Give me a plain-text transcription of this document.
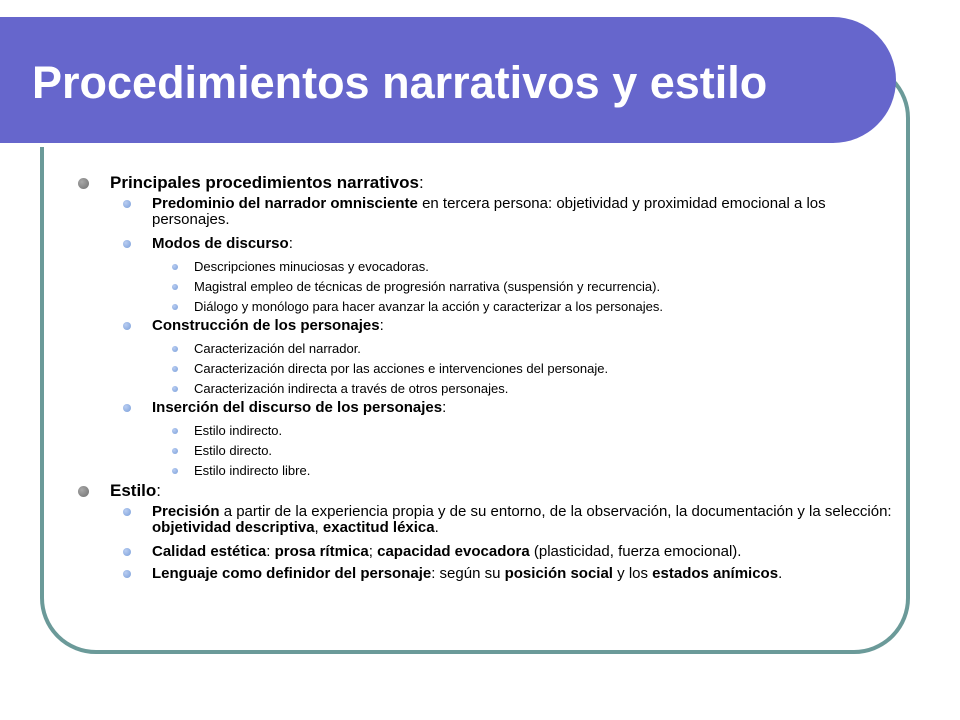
Procedimientos narrativos y estilo
Principales procedimientos narrativos:
Predominio del narrador omnisciente en tercera persona: objetividad y proximidad emocional a los personajes.
Modos de discurso:
Descripciones minuciosas y evocadoras.
Magistral empleo de técnicas de progresión narrativa (suspensión y recurrencia).
Diálogo y monólogo para hacer avanzar la acción y caracterizar a los personajes.
Construcción de los personajes:
Caracterización del narrador.
Caracterización directa por las acciones e intervenciones del personaje.
Caracterización indirecta a través de otros personajes.
Inserción del discurso de los personajes:
Estilo indirecto.
Estilo directo.
Estilo indirecto libre.
Estilo:
Precisión a partir de la experiencia propia y de su entorno, de la observación, la documentación y la selección: objetividad descriptiva, exactitud léxica.
Calidad estética: prosa rítmica; capacidad evocadora (plasticidad, fuerza emocional).
Lenguaje como definidor del personaje: según su posición social y los estados anímicos.
